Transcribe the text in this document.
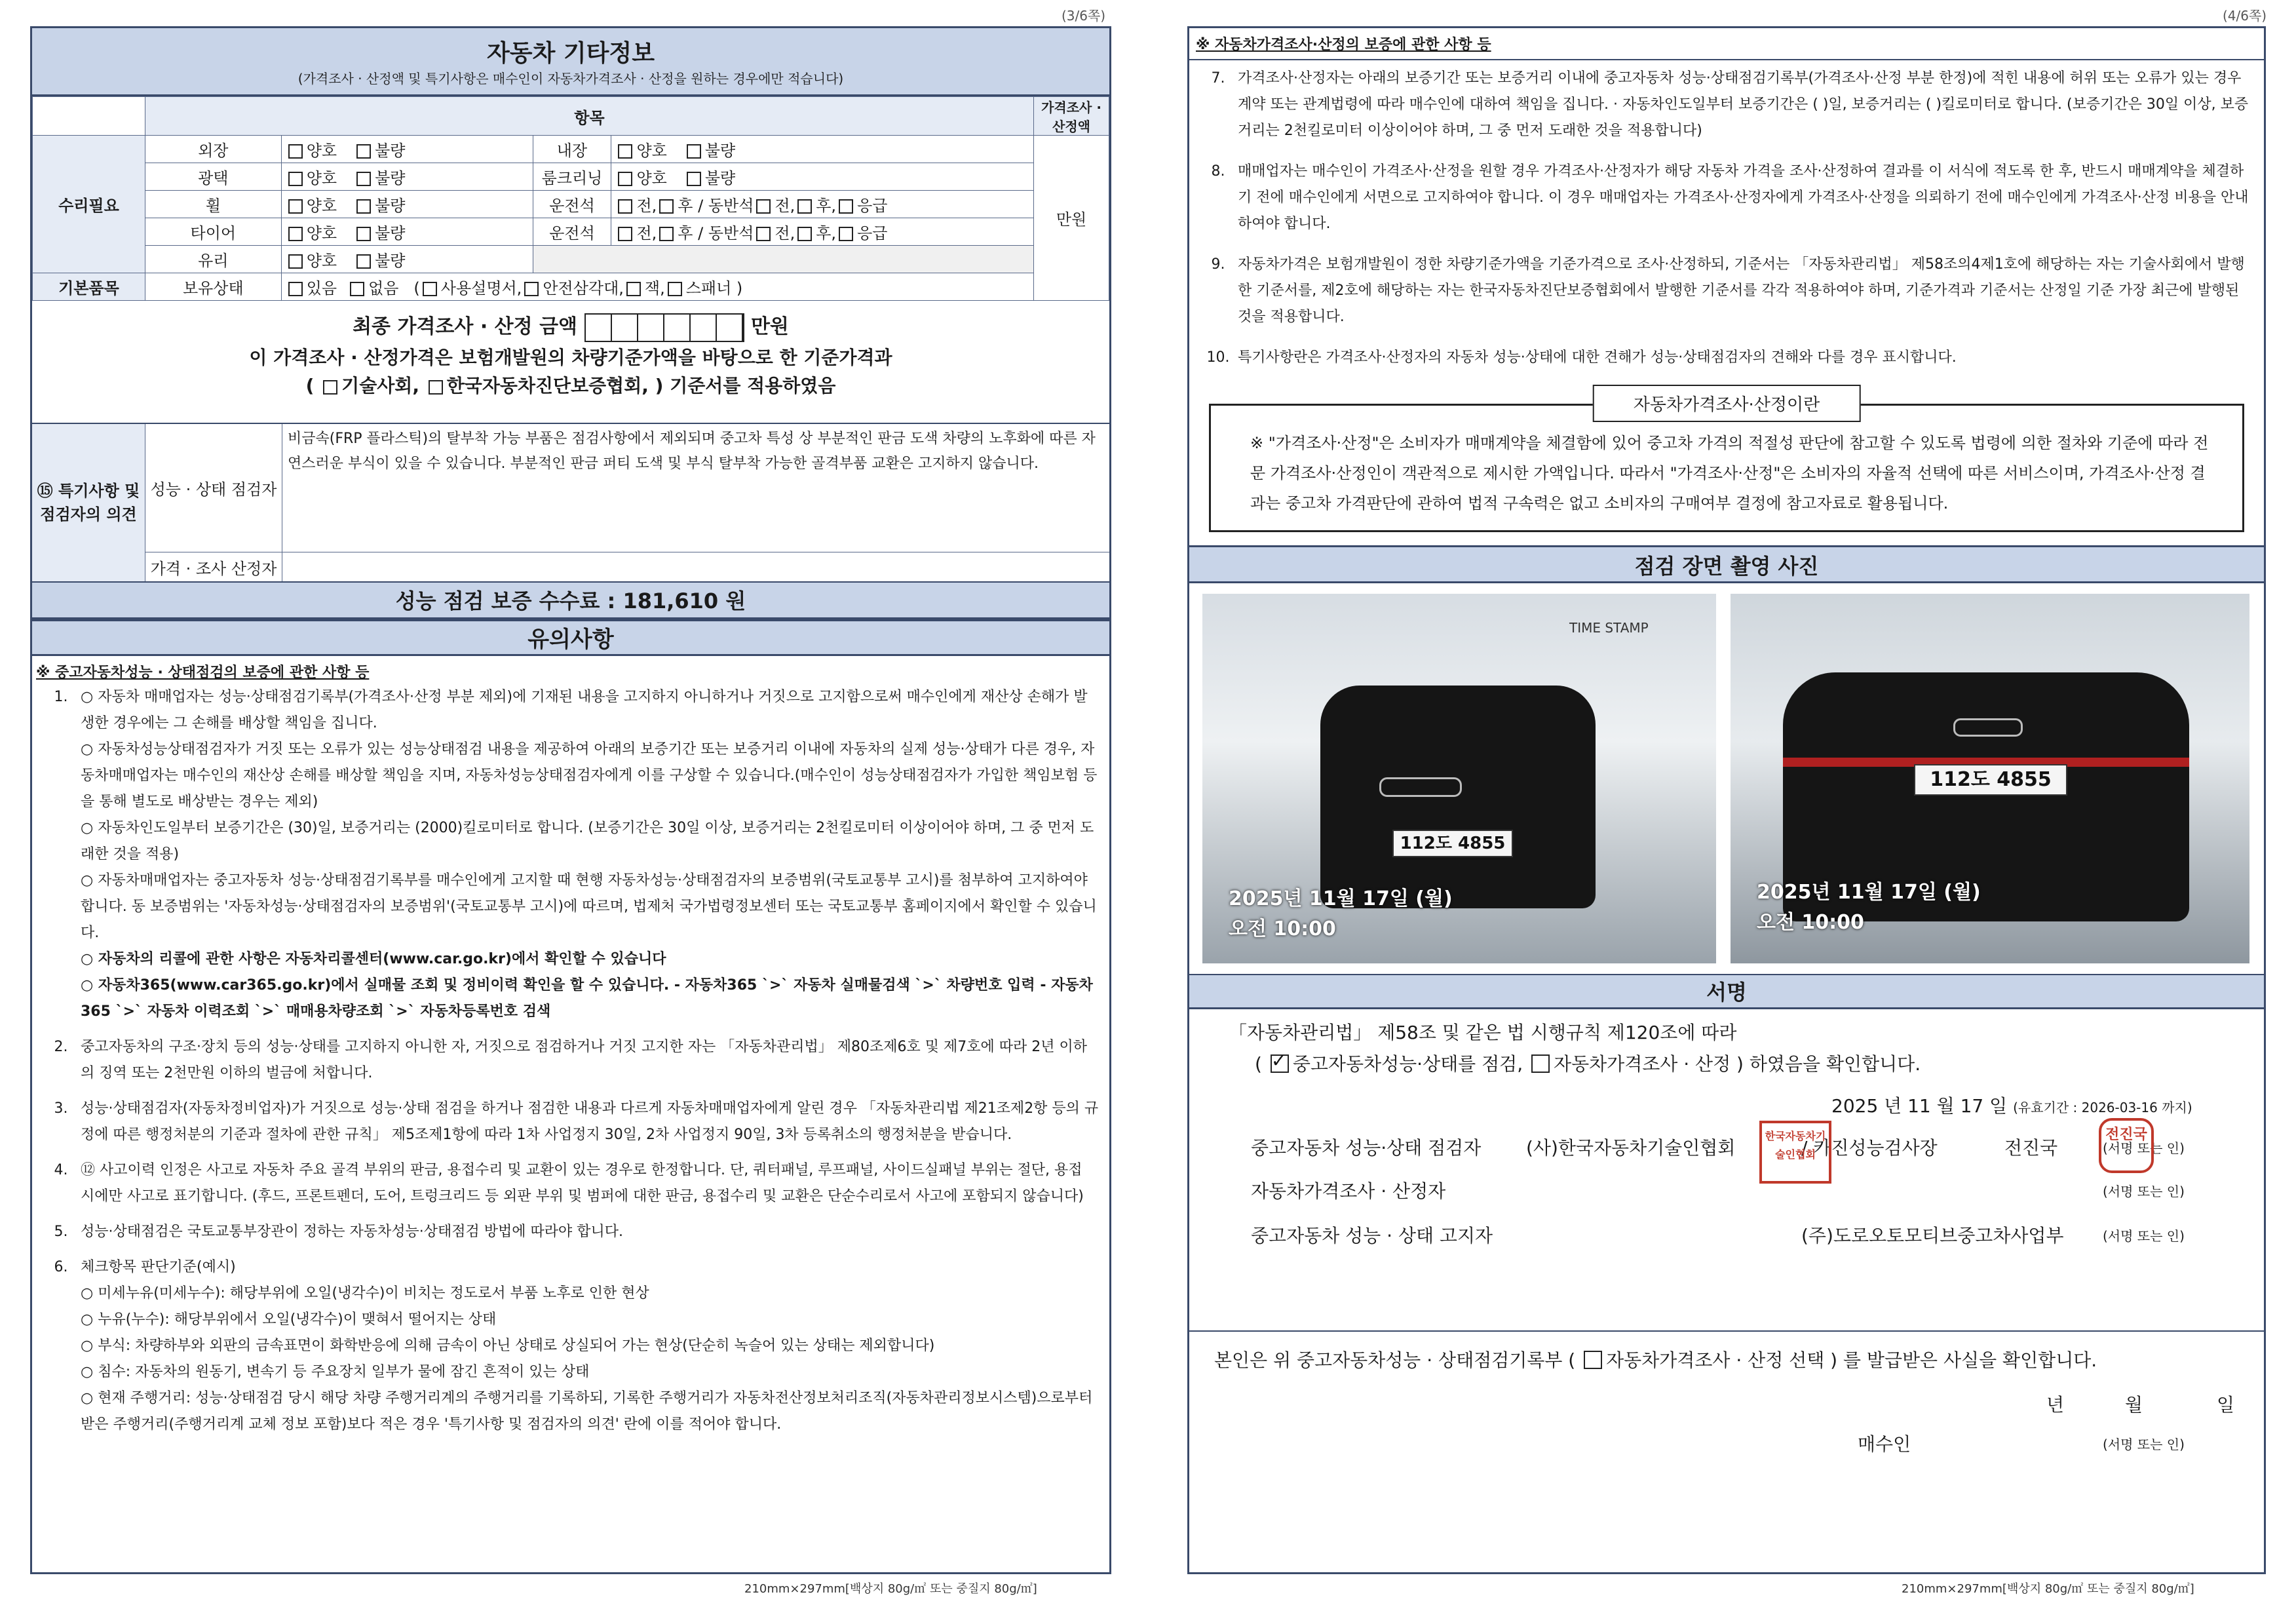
(3/6쪽)
자동차 기타정보
(가격조사 · 산정액 및 특기사항은 매수인이 자동차가격조사 · 산정을 원하는 경우에만 적습니다)
	항목				가격조사 · 산정액
수리필요	외장	양호 불량	내장	양호 불량	만원
	광택	양호 불량	룸크리닝	양호 불량	
	휠	양호 불량	운전석	전, 후 / 동반석 전, 후, 응급	
	타이어	양호 불량	운전석	전, 후 / 동반석 전, 후, 응급	
	유리	양호 불량			
기본품목	보유상태	있음 없음 ( 사용설명서, 안전삼각대, 잭, 스패너 )			
최종 가격조사 · 산정 금액	만원
이 가격조사 · 산정가격은 보험개발원의 차량기준가액을 바탕으로 한 기준가격과
( 기술사회, 한국자동차진단보증협회, ) 기준서를 적용하였음
⑮ 특기사항 및 점검자의 의견
성능 · 상태 점검자
비금속(FRP 플라스틱)의 탈부착 가능 부품은 점검사항에서 제외되며 중고차 특성 상 부분적인 판금 도색 차량의 노후화에 따른 자연스러운 부식이 있을 수 있습니다. 부분적인 판금 퍼티 도색 및 부식 탈부착 가능한 골격부품 교환은 고지하지 않습니다.
가격 · 조사 산정자
성능 점검 보증 수수료 : 181,610 원
유의사항
※ 중고자동차성능 · 상태점검의 보증에 관한 사항 등
1. ○ 자동차 매매업자는 성능·상태점검기록부(가격조사·산정 부분 제외)에 기재된 내용을 고지하지 아니하거나 거짓으로 고지함으로써 매수인에게 재산상 손해가 발생한 경우에는 그 손해를 배상할 책임을 집니다.
○ 자동차성능상태점검자가 거짓 또는 오류가 있는 성능상태점검 내용을 제공하여 아래의 보증기간 또는 보증거리 이내에 자동차의 실제 성능·상태가 다른 경우, 자동차매매업자는 매수인의 재산상 손해를 배상할 책임을 지며, 자동차성능상태점검자에게 이를 구상할 수 있습니다.(매수인이 성능상태점검자가 가입한 책임보험 등을 통해 별도로 배상받는 경우는 제외)
○ 자동차인도일부터 보증기간은 (30)일, 보증거리는 (2000)킬로미터로 합니다. (보증기간은 30일 이상, 보증거리는 2천킬로미터 이상이어야 하며, 그 중 먼저 도래한 것을 적용)
○ 자동차매매업자는 중고자동차 성능·상태점검기록부를 매수인에게 고지할 때 현행 자동차성능·상태점검자의 보증범위(국토교통부 고시)를 첨부하여 고지하여야 합니다. 동 보증범위는 '자동차성능·상태점검자의 보증범위'(국토교통부 고시)에 따르며, 법제처 국가법령정보센터 또는 국토교통부 홈페이지에서 확인할 수 있습니다.
○ 자동차의 리콜에 관한 사항은 자동차리콜센터(www.car.go.kr)에서 확인할 수 있습니다
○ 자동차365(www.car365.go.kr)에서 실매물 조회 및 정비이력 확인을 할 수 있습니다. - 자동차365 `>` 자동차 실매물검색 `>` 차량번호 입력 - 자동차365 `>` 자동차 이력조회 `>` 매매용차량조회 `>` 자동차등록번호 검색
2. 중고자동차의 구조·장치 등의 성능·상태를 고지하지 아니한 자, 거짓으로 점검하거나 거짓 고지한 자는 「자동차관리법」 제80조제6호 및 제7호에 따라 2년 이하의 징역 또는 2천만원 이하의 벌금에 처합니다.
3. 성능·상태점검자(자동차정비업자)가 거짓으로 성능·상태 점검을 하거나 점검한 내용과 다르게 자동차매매업자에게 알린 경우 「자동차관리법 제21조제2항 등의 규정에 따른 행정처분의 기준과 절차에 관한 규칙」 제5조제1항에 따라 1차 사업정지 30일, 2차 사업정지 90일, 3차 등록취소의 행정처분을 받습니다.
4. ⑫ 사고이력 인정은 사고로 자동차 주요 골격 부위의 판금, 용접수리 및 교환이 있는 경우로 한정합니다. 단, 쿼터패널, 루프패널, 사이드실패널 부위는 절단, 용접 시에만 사고로 표기합니다. (후드, 프론트펜더, 도어, 트렁크리드 등 외판 부위 및 범퍼에 대한 판금, 용접수리 및 교환은 단순수리로서 사고에 포함되지 않습니다)
5. 성능·상태점검은 국토교통부장관이 정하는 자동차성능·상태점검 방법에 따라야 합니다.
6. 체크항목 판단기준(예시)
○ 미세누유(미세누수): 해당부위에 오일(냉각수)이 비치는 정도로서 부품 노후로 인한 현상
○ 누유(누수): 해당부위에서 오일(냉각수)이 맺혀서 떨어지는 상태
○ 부식: 차량하부와 외판의 금속표면이 화학반응에 의해 금속이 아닌 상태로 상실되어 가는 현상(단순히 녹슬어 있는 상태는 제외합니다)
○ 침수: 자동차의 원동기, 변속기 등 주요장치 일부가 물에 잠긴 흔적이 있는 상태
○ 현재 주행거리: 성능·상태점검 당시 해당 차량 주행거리계의 주행거리를 기록하되, 기록한 주행거리가 자동차전산정보처리조직(자동차관리정보시스템)으로부터 받은 주행거리(주행거리계 교체 정보 포함)보다 적은 경우 '특기사항 및 점검자의 의견' 란에 이를 적어야 합니다.
210mm×297mm[백상지 80g/㎡ 또는 중질지 80g/㎡]
(4/6쪽)
※ 자동차가격조사·산정의 보증에 관한 사항 등
7. 가격조사·산정자는 아래의 보증기간 또는 보증거리 이내에 중고자동차 성능·상태점검기록부(가격조사·산정 부분 한정)에 적힌 내용에 허위 또는 오류가 있는 경우 계약 또는 관계법령에 따라 매수인에 대하여 책임을 집니다. · 자동차인도일부터 보증기간은 ( )일, 보증거리는 ( )킬로미터로 합니다. (보증기간은 30일 이상, 보증거리는 2천킬로미터 이상이어야 하며, 그 중 먼저 도래한 것을 적용합니다)
8. 매매업자는 매수인이 가격조사·산정을 원할 경우 가격조사·산정자가 해당 자동차 가격을 조사·산정하여 결과를 이 서식에 적도록 한 후, 반드시 매매계약을 체결하기 전에 매수인에게 서면으로 고지하여야 합니다. 이 경우 매매업자는 가격조사·산정자에게 가격조사·산정을 의뢰하기 전에 매수인에게 가격조사·산정 비용을 안내하여야 합니다.
9. 자동차가격은 보험개발원이 정한 차량기준가액을 기준가격으로 조사·산정하되, 기준서는 「자동차관리법」 제58조의4제1호에 해당하는 자는 기술사회에서 발행한 기준서를, 제2호에 해당하는 자는 한국자동차진단보증협회에서 발행한 기준서를 각각 적용하여야 하며, 기준가격과 기준서는 산정일 기준 가장 최근에 발행된 것을 적용합니다.
10. 특기사항란은 가격조사·산정자의 자동차 성능·상태에 대한 견해가 성능·상태점검자의 견해와 다를 경우 표시합니다.
자동차가격조사·산정이란
※ "가격조사·산정"은 소비자가 매매계약을 체결함에 있어 중고차 가격의 적절성 판단에 참고할 수 있도록 법령에 의한 절차와 기준에 따라 전문 가격조사·산정인이 객관적으로 제시한 가액입니다. 따라서 "가격조사·산정"은 소비자의 자율적 선택에 따른 서비스이며, 가격조사·산정 결과는 중고차 가격판단에 관하여 법적 구속력은 없고 소비자의 구매여부 결정에 참고자료로 활용됩니다.
점검 장면 촬영 사진
112도 4855
TIME STAMP
2025년 11월 17일 (월)
오전 10:00
112도 4855
2025년 11월 17일 (월)
오전 10:00
서명
「자동차관리법」 제58조 및 같은 법 시행규칙 제120조에 따라
( ✓중고자동차성능·상태를 점검, 자동차가격조사 · 산정 ) 하였음을 확인합니다.
2025 년 11 월 17 일 (유효기간 : 2026-03-16 까지)
중고자동차 성능·상태 점검자 (사)한국자동차기술인협회	/ 카진성능검사장	전진국	(서명 또는 인)
한국자동차기술인협회
전진국
자동차가격조사 · 산정자	(서명 또는 인)
중고자동차 성능 · 상태 고지자	(주)도로오토모티브중고차사업부	(서명 또는 인)
본인은 위 중고자동차성능 · 상태점검기록부 ( 자동차가격조사 · 산정 선택 ) 를 발급받은 사실을 확인합니다.
년	월	일
매수인	(서명 또는 인)
210mm×297mm[백상지 80g/㎡ 또는 중질지 80g/㎡]
